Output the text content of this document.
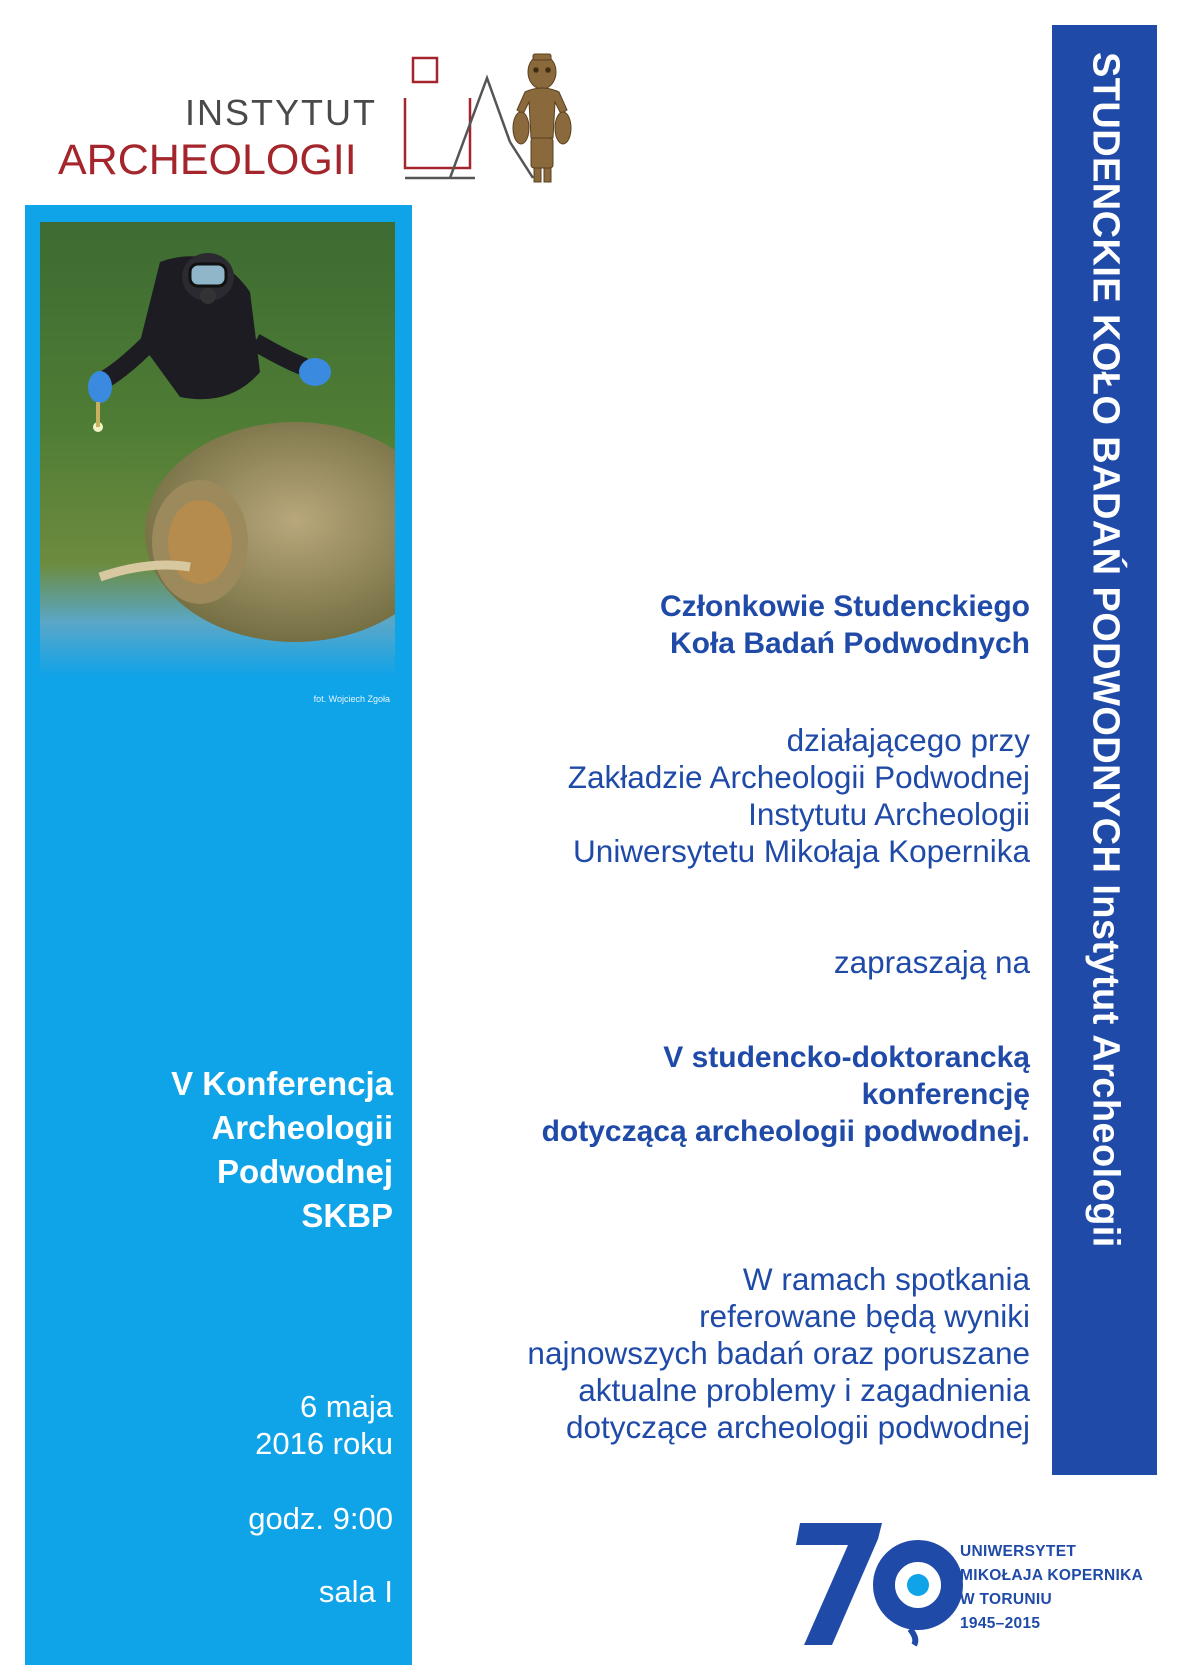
INSTYTUT
ARCHEOLOGII
fot. Wojciech Zgoła
V Konferencja
Archeologii
Podwodnej
SKBP
6 maja
2016 roku
godz. 9:00
sala I
STUDENCKIE KOŁO BADAŃ PODWODNYCH Instytut Archeologii
Członkowie Studenckiego
Koła Badań Podwodnych
działającego przy
Zakładzie Archeologii Podwodnej
Instytutu Archeologii
Uniwersytetu Mikołaja Kopernika
zapraszają na
V studencko-doktorancką
konferencję
dotyczącą archeologii podwodnej.
W ramach spotkania
referowane będą wyniki
najnowszych badań oraz poruszane
aktualne problemy i zagadnienia
dotyczące archeologii podwodnej
UNIWERSYTET
MIKOŁAJA KOPERNIKA
W TORUNIU
1945–2015
